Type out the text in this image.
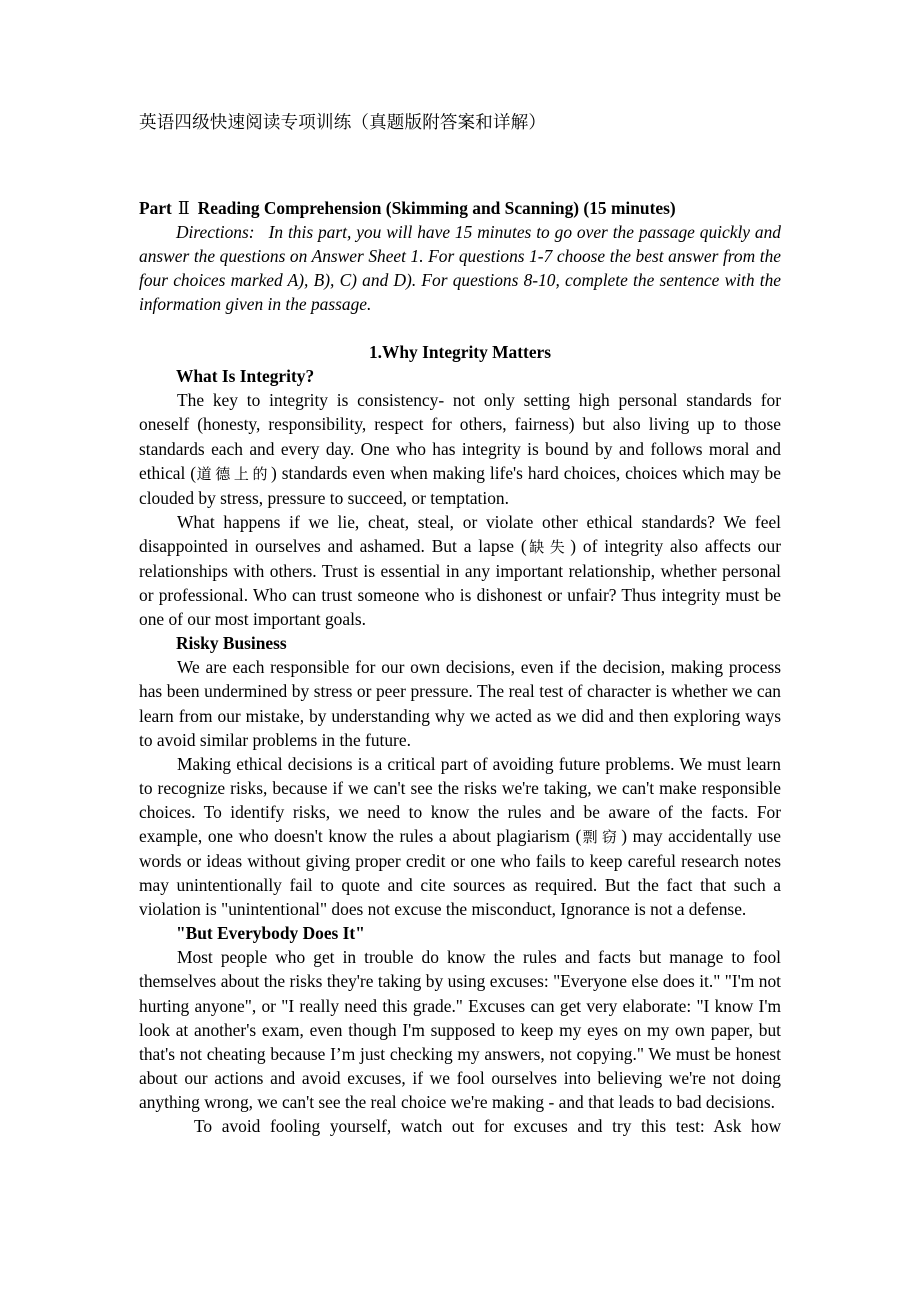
英语四级快速阅读专项训练（真题版附答案和详解）
Part Ⅱ Reading Comprehension (Skimming and Scanning) (15 minutes)

Directions: In this part, you will have 15 minutes to go over the passage quickly and answer the questions on Answer Sheet 1. For questions 1-7 choose the best answer from the four choices marked A), B), C) and D). For questions 8-10, complete the sentence with the information given in the passage.

1.Why Integrity Matters
What Is Integrity?

The key to integrity is consistency- not only setting high personal standards for oneself (honesty, responsibility, respect for others, fairness) but also living up to those standards each and every day. One who has integrity is bound by and follows moral and ethical (道德上的) standards even when making life's hard choices, choices which may be clouded by stress, pressure to succeed, or temptation.

What happens if we lie, cheat, steal, or violate other ethical standards? We feel disappointed in ourselves and ashamed. But a lapse (缺失) of integrity also affects our relationships with others. Trust is essential in any important relationship, whether personal or professional. Who can trust someone who is dishonest or unfair? Thus integrity must be one of our most important goals.

Risky Business

We are each responsible for our own decisions, even if the decision, making process has been undermined by stress or peer pressure. The real test of character is whether we can learn from our mistake, by understanding why we acted as we did and then exploring ways to avoid similar problems in the future.

Making ethical decisions is a critical part of avoiding future problems. We must learn to recognize risks, because if we can't see the risks we're taking, we can't make responsible choices. To identify risks, we need to know the rules and be aware of the facts. For example, one who doesn't know the rules a about plagiarism (剽窃) may accidentally use words or ideas without giving proper credit or one who fails to keep careful research notes may unintentionally fail to quote and cite sources as required. But the fact that such a violation is "unintentional" does not excuse the misconduct, Ignorance is not a defense.

"But Everybody Does It"

Most people who get in trouble do know the rules and facts but manage to fool themselves about the risks they're taking by using excuses: "Everyone else does it." "I'm not hurting anyone", or "I really need this grade." Excuses can get very elaborate: "I know I'm look at another's exam, even though I'm supposed to keep my eyes on my own paper, but that's not cheating because I’m just checking my answers, not copying." We must be honest about our actions and avoid excuses, if we fool ourselves into believing we're not doing anything wrong, we can't see the real choice we're making - and that leads to bad decisions.

To avoid fooling yourself, watch out for excuses and try this test: Ask how
